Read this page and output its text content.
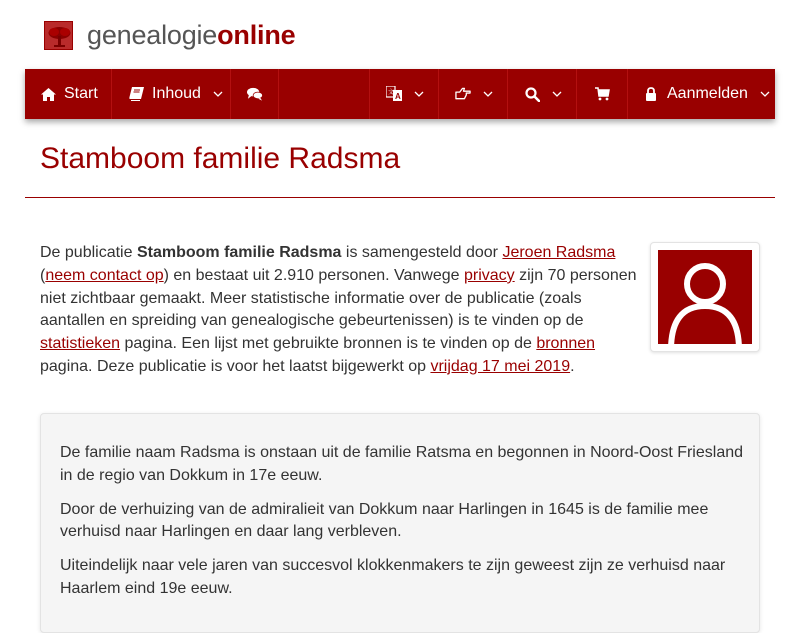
genealogieonline
Start	Inhoud	A
文	Aanmelden
Stamboom familie Radsma

De publicatie Stamboom familie Radsma is samengesteld door Jeroen Radsma (neem contact op) en bestaat uit 2.910 personen. Vanwege privacy zijn 70 personen niet zichtbaar gemaakt. Meer statistische informatie over de publicatie (zoals aantallen en spreiding van genealogische gebeurtenissen) is te vinden op de statistieken pagina. Een lijst met gebruikte bronnen is te vinden op de bronnen pagina. Deze publicatie is voor het laatst bijgewerkt op vrijdag 17 mei 2019.

De familie naam Radsma is onstaan uit de familie Ratsma en begonnen in Noord-Oost Friesland in de regio van Dokkum in 17e eeuw.

Door de verhuizing van de admiralieit van Dokkum naar Harlingen in 1645 is de familie mee verhuisd naar Harlingen en daar lang verbleven.

Uiteindelijk naar vele jaren van succesvol klokkenmakers te zijn geweest zijn ze verhuisd naar Haarlem eind 19e eeuw.
